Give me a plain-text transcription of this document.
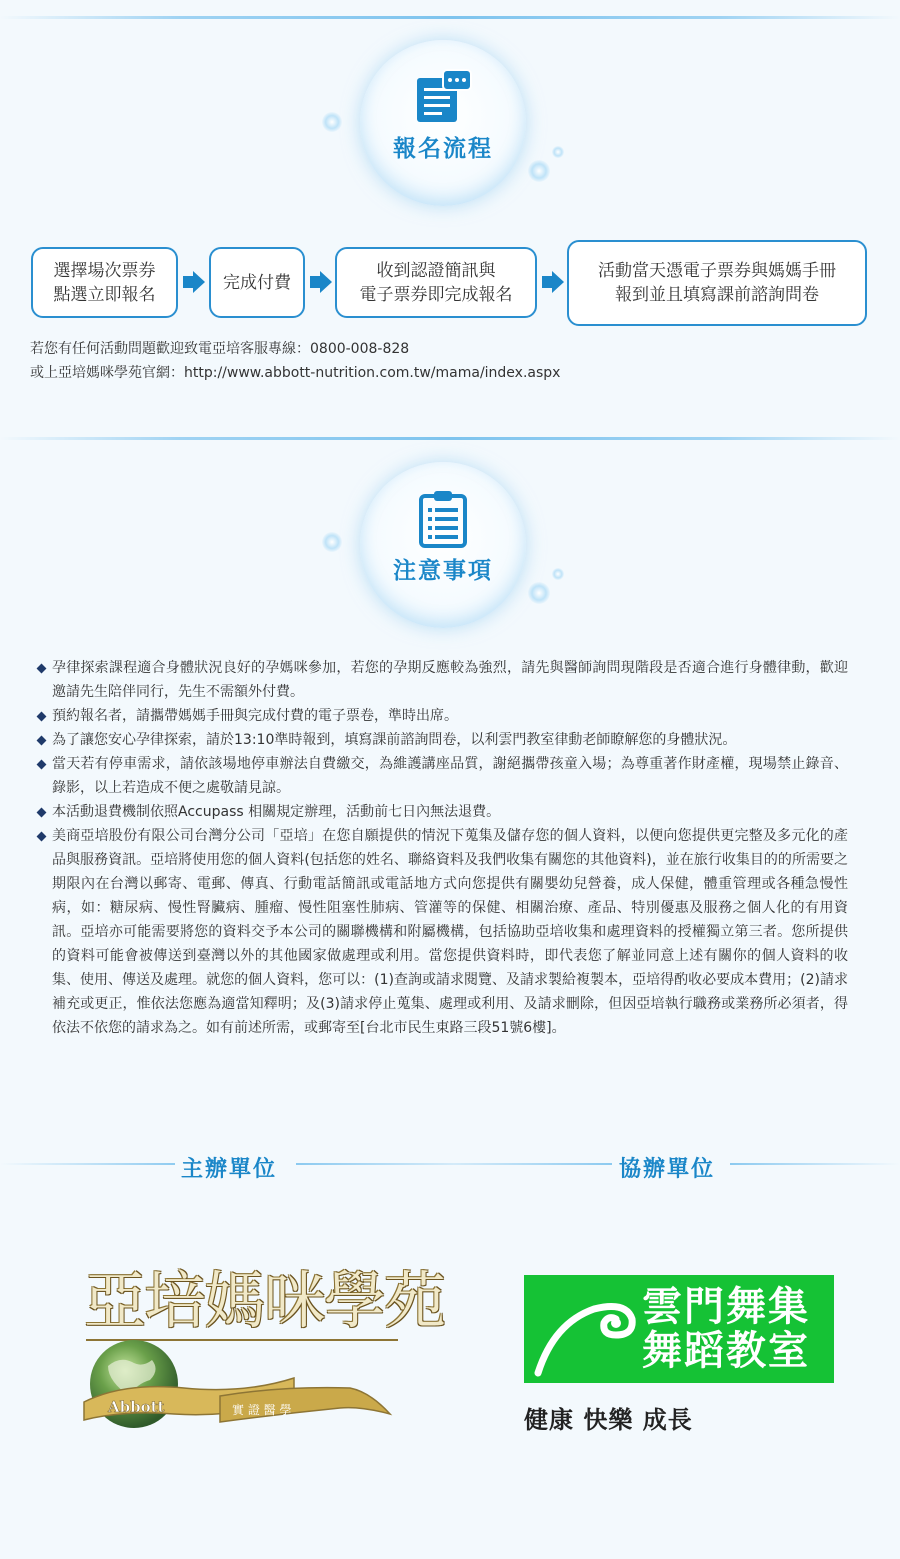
報名流程
選擇場次票券
點選立即報名
完成付費
收到認證簡訊與
電子票券即完成報名
活動當天憑電子票券與媽媽手冊
報到並且填寫課前諮詢問卷
若您有任何活動問題歡迎致電亞培客服專線：0800-008-828
或上亞培媽咪學苑官網：http://www.abbott-nutrition.com.tw/mama/index.aspx
注意事項
孕律探索課程適合身體狀況良好的孕媽咪參加，若您的孕期反應較為強烈，請先與醫師詢問現階段是否適合進行身體律動，歡迎邀請先生陪伴同行，先生不需額外付費。
預約報名者，請攜帶媽媽手冊與完成付費的電子票卷，準時出席。
為了讓您安心孕律探索，請於13:10準時報到，填寫課前諮詢問卷，以利雲門教室律動老師瞭解您的身體狀況。
當天若有停車需求，請依該場地停車辦法自費繳交，為維護講座品質，謝絕攜帶孩童入場；為尊重著作財產權，現場禁止錄音、錄影，以上若造成不便之處敬請見諒。
本活動退費機制依照Accupass 相關規定辦理，活動前七日內無法退費。
美商亞培股份有限公司台灣分公司「亞培」在您自願提供的情況下蒐集及儲存您的個人資料，以便向您提供更完整及多元化的產品與服務資訊。亞培將使用您的個人資料(包括您的姓名、聯絡資料及我們收集有關您的其他資料)，並在旅行收集目的的所需要之期限內在台灣以郵寄、電郵、傳真、行動電話簡訊或電話地方式向您提供有關嬰幼兒營養，成人保健，體重管理或各種急慢性病，如：糖尿病、慢性腎臟病、腫瘤、慢性阻塞性肺病、管灌等的保健、相關治療、產品、特別優惠及服務之個人化的有用資訊。亞培亦可能需要將您的資料交予本公司的關聯機構和附屬機構，包括協助亞培收集和處理資料的授權獨立第三者。您所提供的資料可能會被傳送到臺灣以外的其他國家做處理或利用。當您提供資料時，即代表您了解並同意上述有關你的個人資料的收集、使用、傳送及處理。就您的個人資料，您可以：(1)查詢或請求閱覽、及請求製給複製本，亞培得酌收必要成本費用；(2)請求補充或更正，惟依法您應為適當知釋明；及(3)請求停止蒐集、處理或利用、及請求刪除，但因亞培執行職務或業務所必須者，得依法不依您的請求為之。如有前述所需，或郵寄至[台北市民生東路三段51號6樓]。
主辦單位	協辦單位
亞培媽咪學苑
Abbott	實 證 醫 學
雲門舞集
舞蹈教室
健康 快樂 成長
